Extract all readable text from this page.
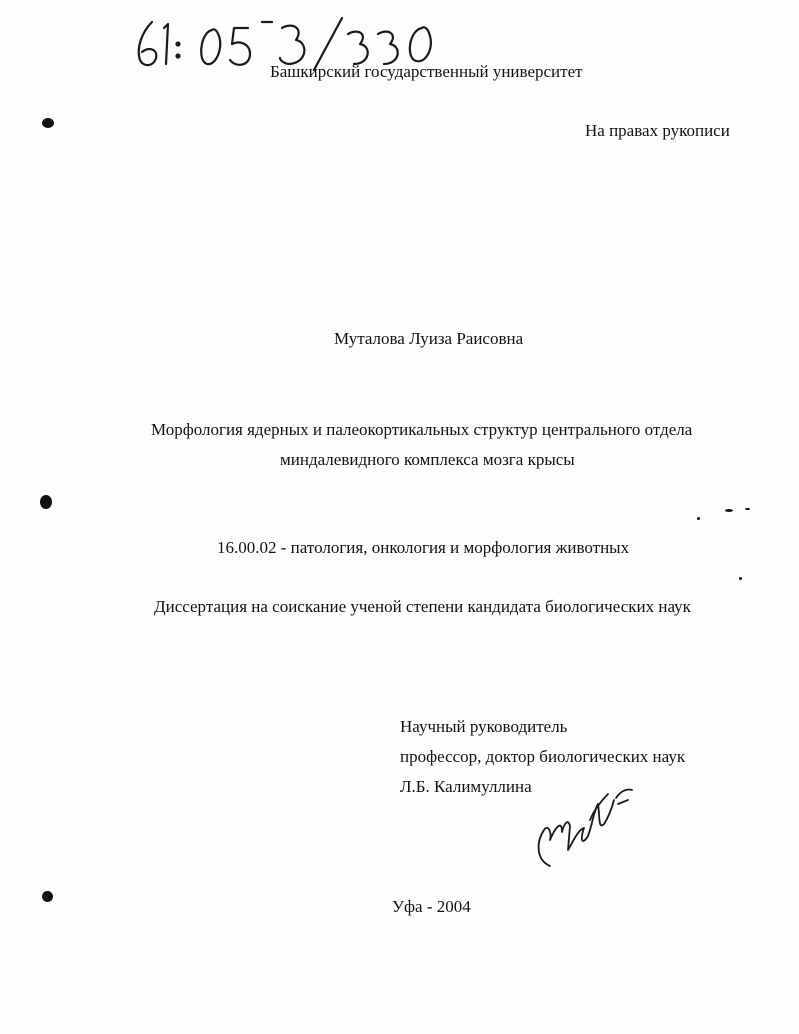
Башкирский государственный университет
На правах рукописи
Муталова Луиза Раисовна
Морфология ядерных и палеокортикальных структур центрального отдела
миндалевидного комплекса мозга крысы
16.00.02 - патология, онкология и морфология животных
Диссертация на соискание ученой степени кандидата биологических наук
Научный руководитель
профессор, доктор биологических наук
Л.Б. Калимуллина
Уфа - 2004
